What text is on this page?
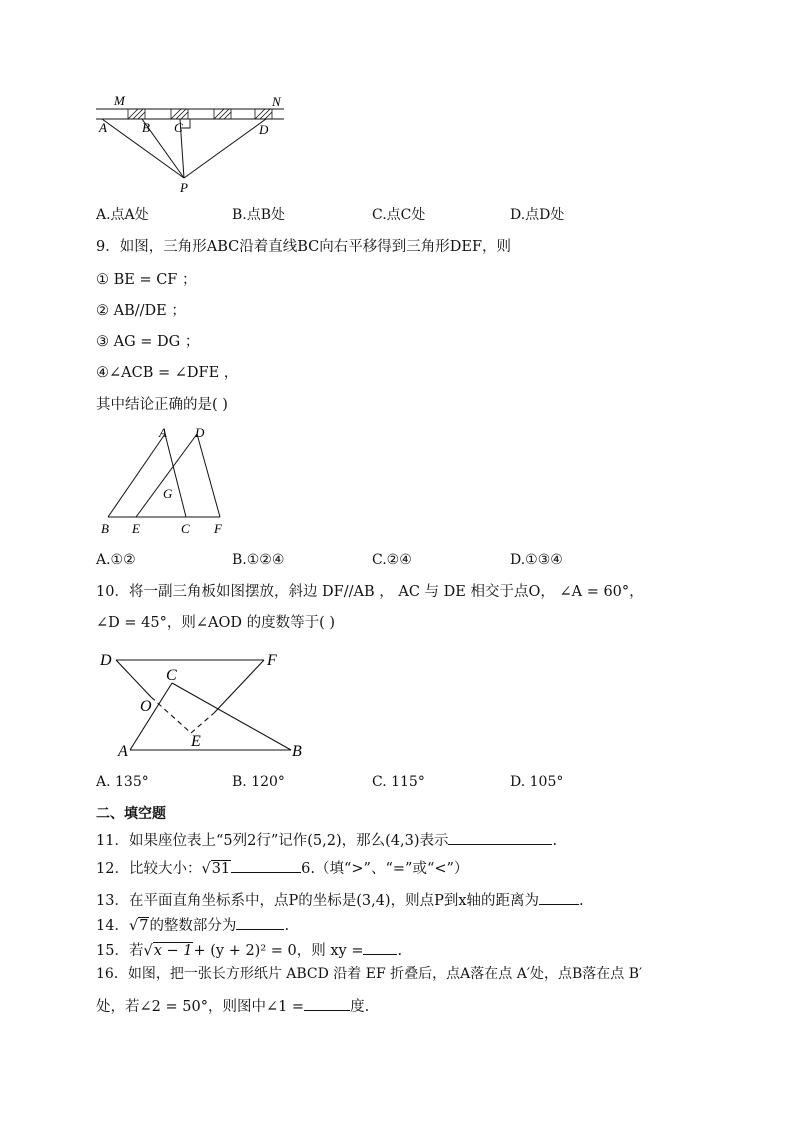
M	N
A	B C	D
P
A.点A处	B.点B处	C.点C处	D.点D处
9．如图，三角形ABC沿着直线BC向右平移得到三角形DEF，则
① BE = CF ；
② AB//DE ；
③ AG = DG ；
④∠ACB = ∠DFE ，
其中结论正确的是( )
A D
G
B E	C F
A.①②	B.①②④	C.②④	D.①③④
10．将一副三角板如图摆放，斜边 DF//AB ， AC 与 DE 相交于点O， ∠A = 60°，
∠D = 45°，则∠AOD 的度数等于( )
D	F
C
O
E
A	B
A. 135°	B. 120°	C. 115°	D. 105°
二、填空题
11．如果座位表上“5列2行”记作(5,2)，那么(4,3)表示	.
12．比较大小：√31	6.（填“>”、“=”或“<”）
13．在平面直角坐标系中，点P的坐标是(3,4)，则点P到x轴的距离为	.
14．√7的整数部分为	.
15．若√x − 1+ (y + 2)² = 0，则 xy = .
16．如图，把一张长方形纸片 ABCD 沿着 EF 折叠后，点A落在点 A′处，点B落在点 B′
处，若∠2 = 50°，则图中∠1 =	度.
